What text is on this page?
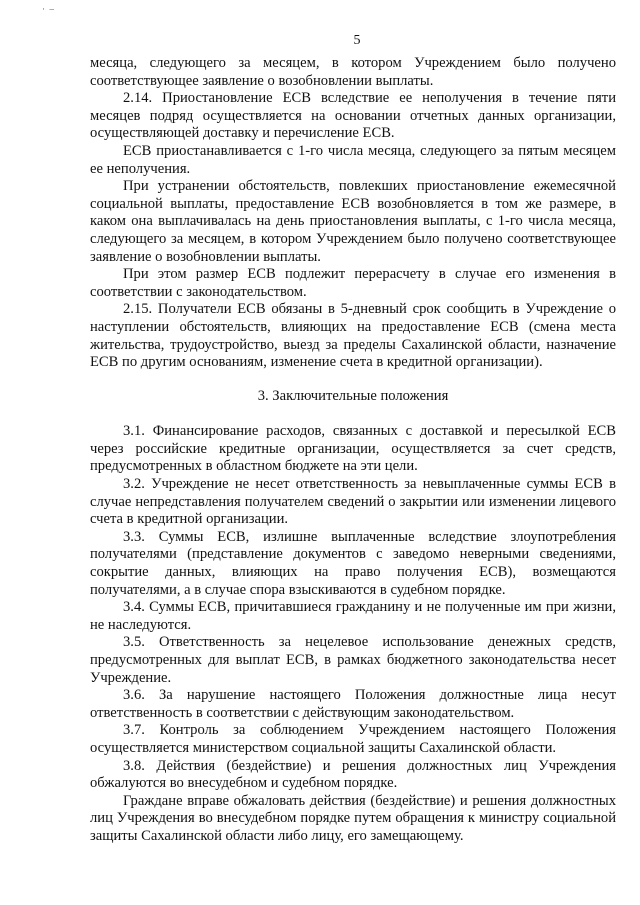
·  –
5

месяца, следующего за месяцем, в котором Учреждением было получено соответствующее заявление о возобновлении выплаты.

2.14. Приостановление ЕСВ вследствие ее неполучения в течение пяти месяцев подряд осуществляется на основании отчетных данных организации, осуществляющей доставку и перечисление ЕСВ.

ЕСВ приостанавливается с 1-го числа месяца, следующего за пятым месяцем ее неполучения.

При устранении обстоятельств, повлекших приостановление ежемесячной социальной выплаты, предоставление ЕСВ возобновляется в том же размере, в каком она выплачивалась на день приостановления выплаты, с 1-го числа месяца, следующего за месяцем, в котором Учреждением было получено соответствующее заявление о возобновлении выплаты.

При этом размер ЕСВ подлежит перерасчету в случае его изменения в соответствии с законодательством.

2.15. Получатели ЕСВ обязаны в 5-дневный срок сообщить в Учреждение о наступлении обстоятельств, влияющих на предоставление ЕСВ (смена места жительства, трудоустройство, выезд за пределы Сахалинской области, назначение ЕСВ по другим основаниям, изменение счета в кредитной организации).

3. Заключительные положения

3.1. Финансирование расходов, связанных с доставкой и пересылкой ЕСВ через российские кредитные организации, осуществляется за счет средств, предусмотренных в областном бюджете на эти цели.

3.2. Учреждение не несет ответственность за невыплаченные суммы ЕСВ в случае непредставления получателем сведений о закрытии или изменении лицевого счета в кредитной организации.

3.3. Суммы ЕСВ, излишне выплаченные вследствие злоупотребления получателями (представление документов с заведомо неверными сведениями, сокрытие данных, влияющих на право получения ЕСВ), возмещаются получателями, а в случае спора взыскиваются в судебном порядке.

3.4. Суммы ЕСВ, причитавшиеся гражданину и не полученные им при жизни, не наследуются.

3.5. Ответственность за нецелевое использование денежных средств, предусмотренных для выплат ЕСВ, в рамках бюджетного законодательства несет Учреждение.

3.6. За нарушение настоящего Положения должностные лица несут ответственность в соответствии с действующим законодательством.

3.7. Контроль за соблюдением Учреждением настоящего Положения осуществляется министерством социальной защиты Сахалинской области.

3.8. Действия (бездействие) и решения должностных лиц Учреждения обжалуются во внесудебном и судебном порядке.

Граждане вправе обжаловать действия (бездействие) и решения должностных лиц Учреждения во внесудебном порядке путем обращения к министру социальной защиты Сахалинской области либо лицу, его замещающему.
